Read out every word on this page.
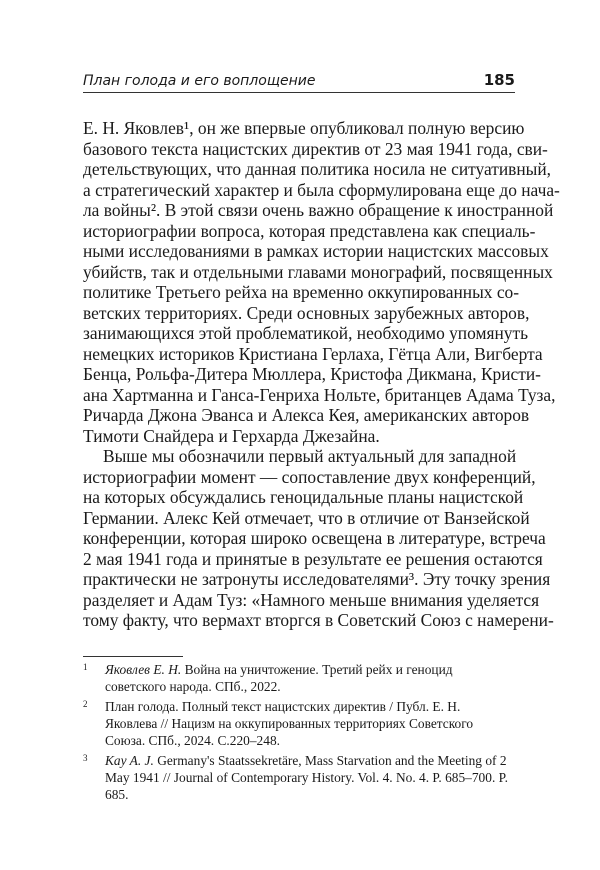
План голода и его воплощение	185
Е. Н. Яковлев¹, он же впервые опубликовал полную версию
базового текста нацистских директив от 23 мая 1941 года, сви-
детельствующих, что данная политика носила не ситуативный,
а стратегический характер и была сформулирована еще до нача-
ла войны². В этой связи очень важно обращение к иностранной
историографии вопроса, которая представлена как специаль-
ными исследованиями в рамках истории нацистских массовых
убийств, так и отдельными главами монографий, посвященных
политике Третьего рейха на временно оккупированных со-
ветских территориях. Среди основных зарубежных авторов,
занимающихся этой проблематикой, необходимо упомянуть
немецких историков Кристиана Герлаха, Гётца Али, Вигберта
Бенца, Рольфа-Дитера Мюллера, Кристофа Дикмана, Кристи-
ана Хартманна и Ганса-Генриха Нольте, британцев Адама Туза,
Ричарда Джона Эванса и Алекса Кея, американских авторов
Тимоти Снайдера и Герхарда Джезайна.
Выше мы обозначили первый актуальный для западной
историографии момент — сопоставление двух конференций,
на которых обсуждались геноцидальные планы нацистской
Германии. Алекс Кей отмечает, что в отличие от Ванзейской
конференции, которая широко освещена в литературе, встреча
2 мая 1941 года и принятые в результате ее решения остаются
практически не затронуты исследователями³. Эту точку зрения
разделяет и Адам Туз: «Намного меньше внимания уделяется
тому факту, что вермахт вторгся в Советский Союз с намерени-
1 Яковлев Е. Н. Война на уничтожение. Третий рейх и геноцид советского народа. СПб., 2022.
2 План голода. Полный текст нацистских директив / Публ. Е. Н. Яковлева // Нацизм на оккупированных территориях Советского Союза. СПб., 2024. С.220–248.
3 Kay A. J. Germany's Staatssekretäre, Mass Starvation and the Meeting of 2 May 1941 // Journal of Contemporary History. Vol. 4. No. 4. P. 685–700. P. 685.
